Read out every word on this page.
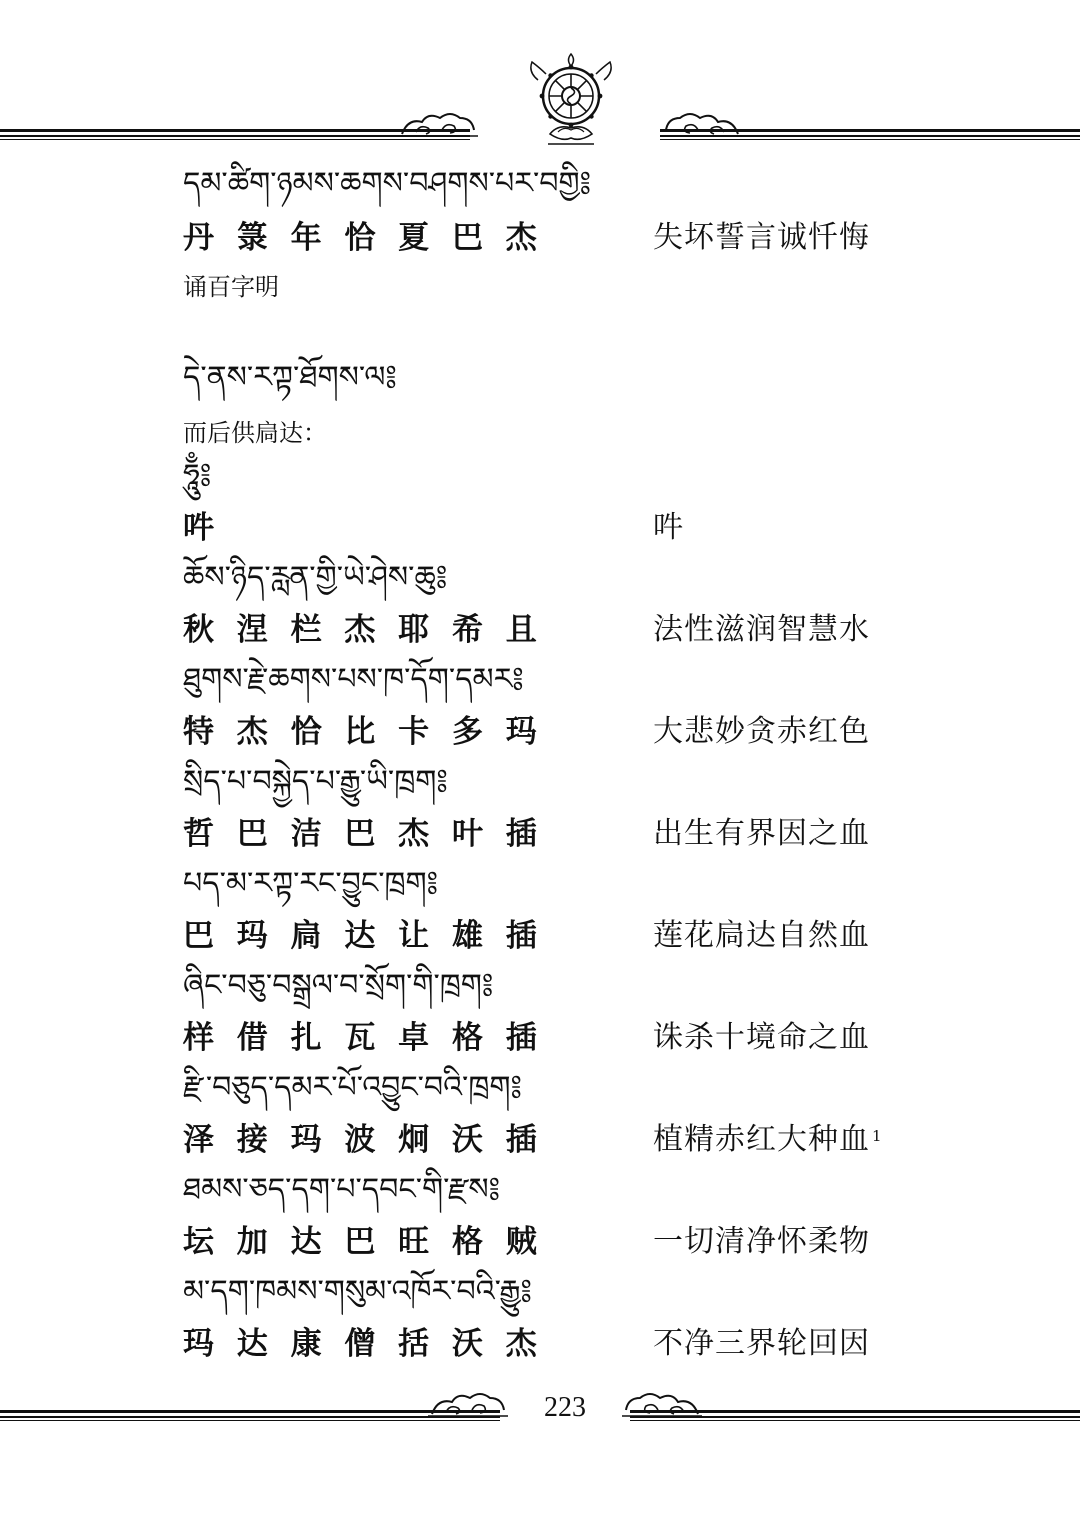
དམ་ཚིག་ཉམས་ཆགས་བཤགས་པར་བགྱི༔
丹 箓 年 恰 夏 巴 杰	失坏誓言诚忏悔
诵百字明
དེ་ནས་རཀྟ་ཐོགས་ལ༔
而后供扃达：
ཧཱུྃ༔
吽	吽
ཆོས་ཉིད་རླན་གྱི་ཡེ་ཤེས་ཆུ༔
秋 涅 栏 杰 耶 希 且	法性滋润智慧水
ཐུགས་རྗེ་ཆགས་པས་ཁ་དོག་དམར༔
特 杰 恰 比 卡 多 玛	大悲妙贪赤红色
སྲིད་པ་བསྐྱེད་པ་རྒྱུ་ཡི་ཁྲག༔
哲 巴 洁 巴 杰 叶 插	出生有界因之血
པད་མ་རཀྟ་རང་བྱུང་ཁྲག༔
巴 玛 扃 达 让 雄 插	莲花扃达自然血
ཞིང་བཅུ་བསྒྲལ་བ་སྲོག་གི་ཁྲག༔
样 借 扎 瓦 卓 格 插	诛杀十境命之血
རྫི་བཅུད་དམར་པོ་འབྱུང་བའི་ཁྲག༔
泽 接 玛 波 炯 沃 插	植精赤红大种血 $^1$
ཐམས་ཅད་དག་པ་དབང་གི་རྫས༔
坛 加 达 巴 旺 格 贼	一切清净怀柔物
མ་དག་ཁམས་གསུམ་འཁོར་བའི་རྒྱུ༔
玛 达 康 僧 括 沃 杰	不净三界轮回因
223
